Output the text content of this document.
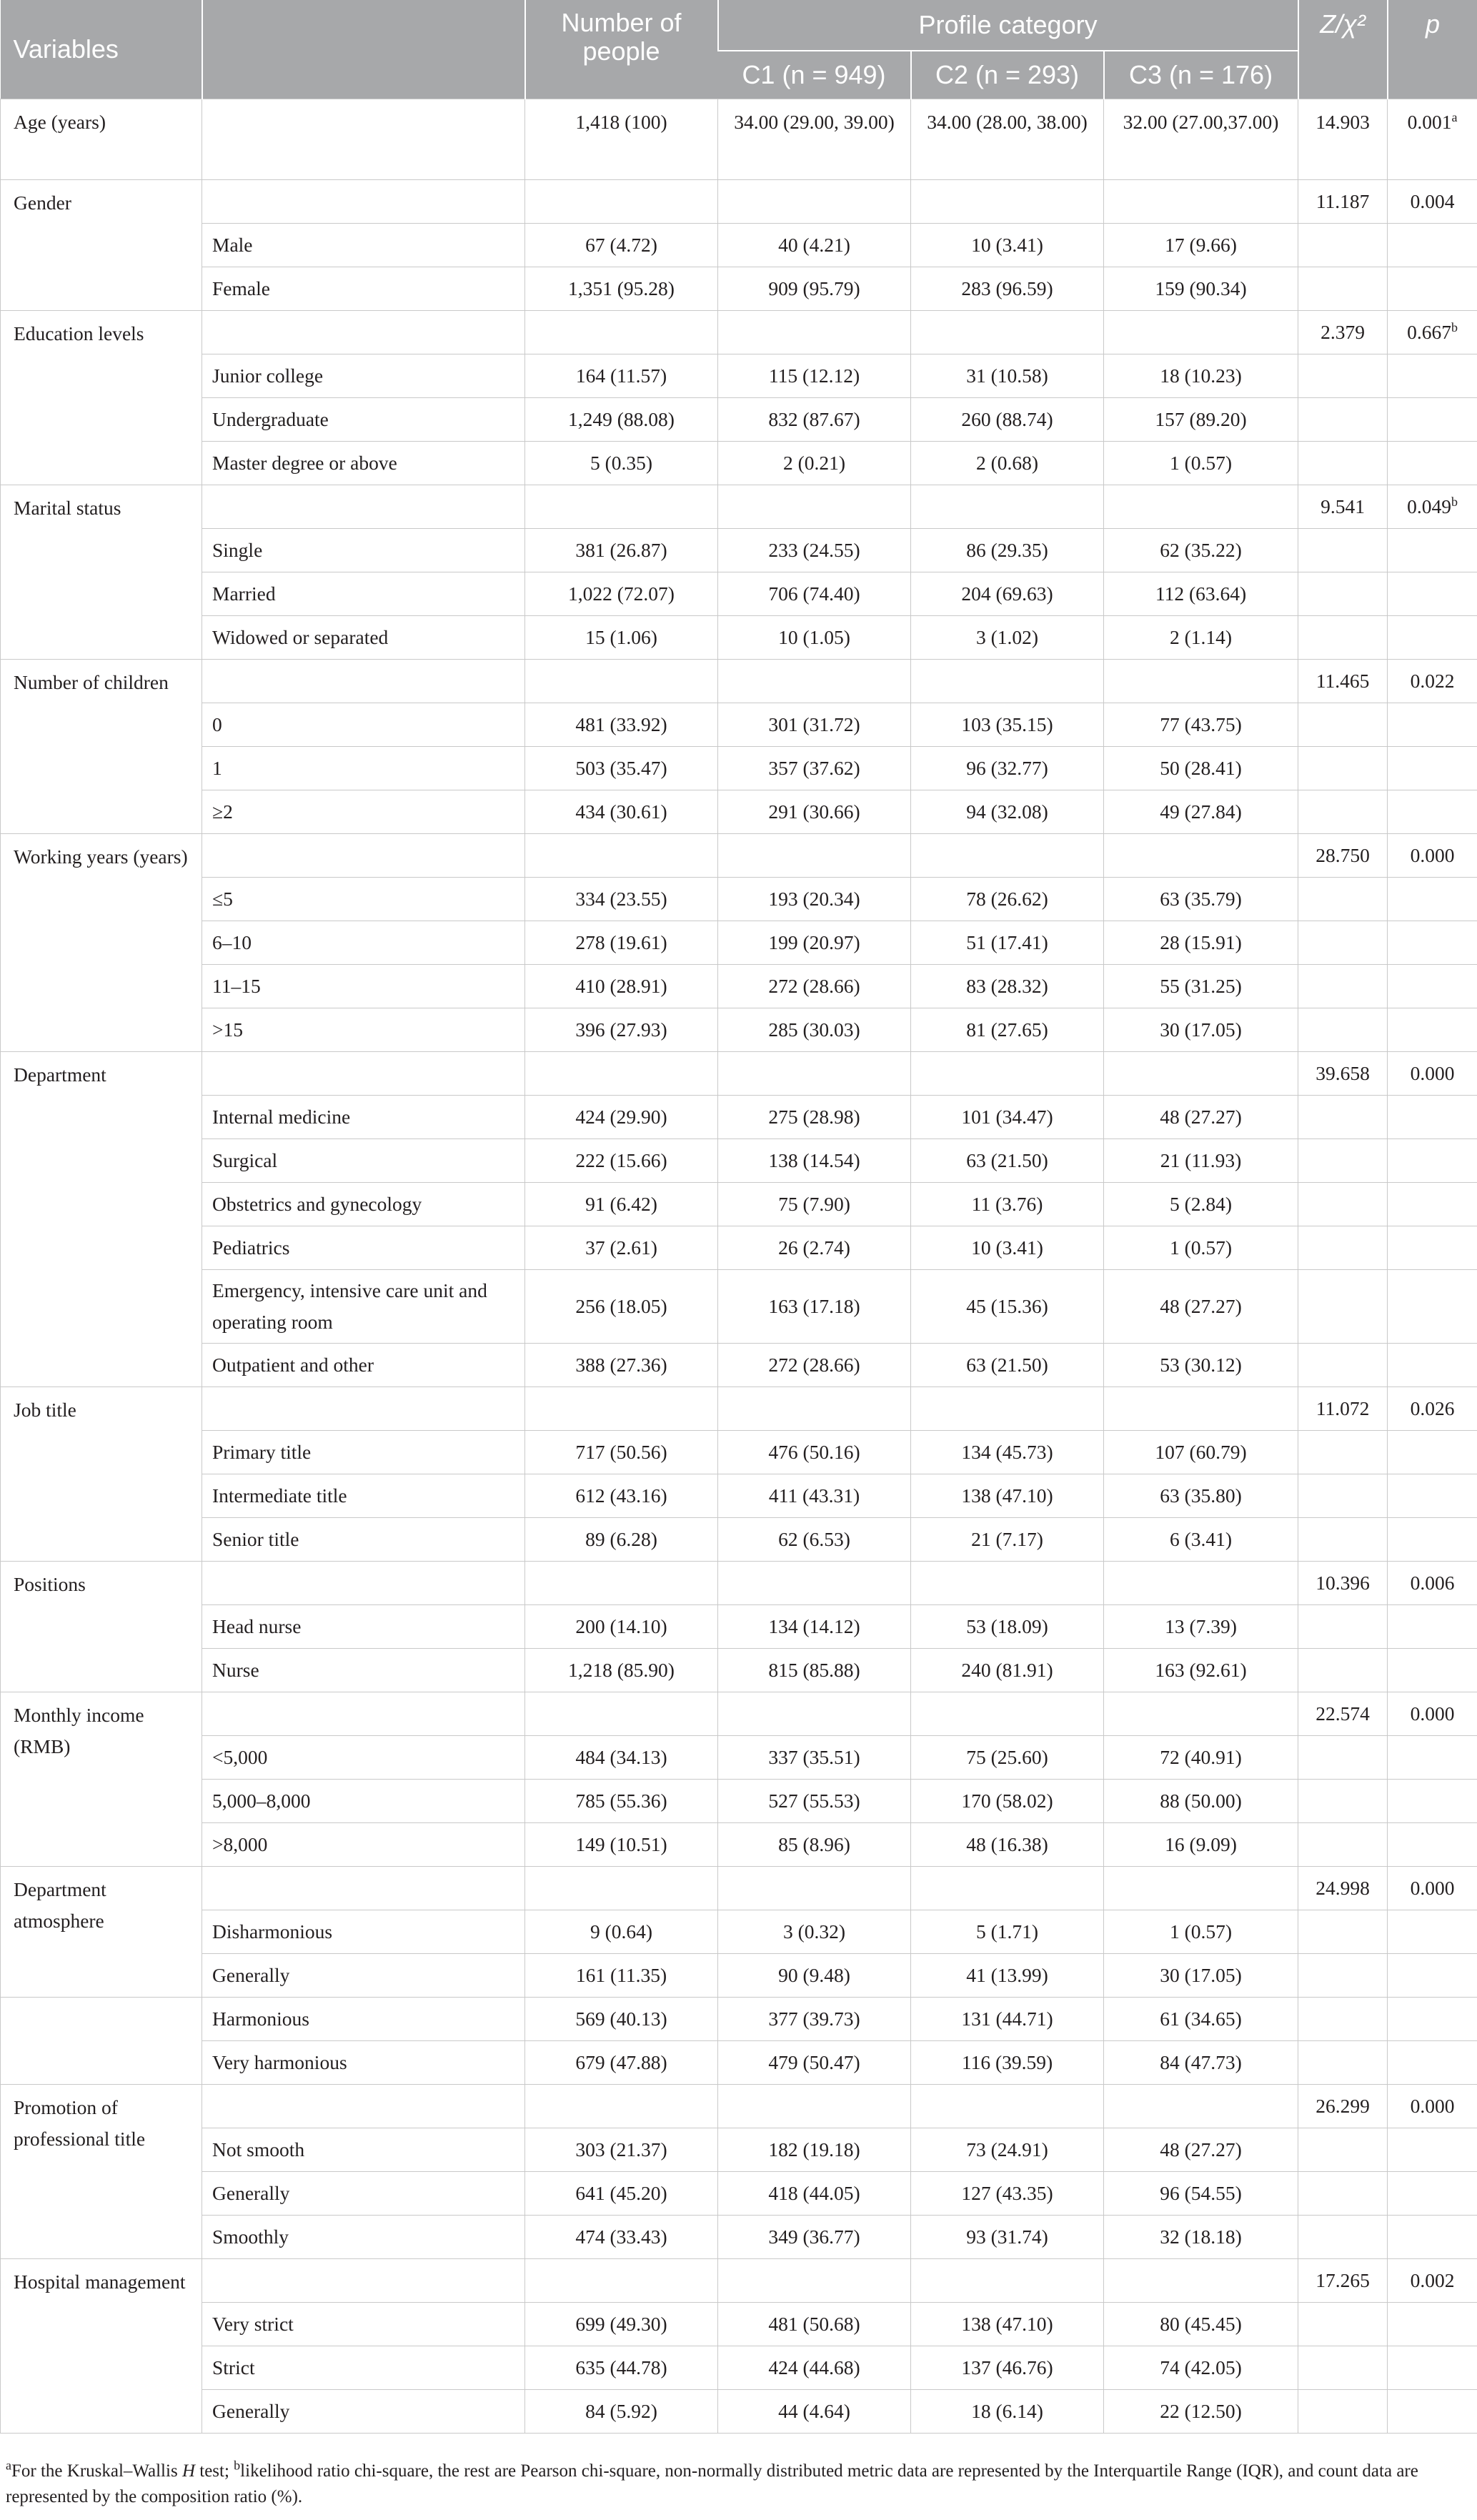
Variables		Number of people	Profile category			Z/χ²	p
			C1 (n = 949)	C2 (n = 293)	C3 (n = 176)		
Age (years)		1,418 (100)	34.00 (29.00, 39.00)	34.00 (28.00, 38.00)	32.00 (27.00,37.00)	14.903	0.001$^a$
Gender						11.187	0.004
	Male	67 (4.72)	40 (4.21)	10 (3.41)	17 (9.66)		
	Female	1,351 (95.28)	909 (95.79)	283 (96.59)	159 (90.34)		
Education levels						2.379	0.667$^b$
	Junior college	164 (11.57)	115 (12.12)	31 (10.58)	18 (10.23)		
	Undergraduate	1,249 (88.08)	832 (87.67)	260 (88.74)	157 (89.20)		
	Master degree or above	5 (0.35)	2 (0.21)	2 (0.68)	1 (0.57)		
Marital status						9.541	0.049$^b$
	Single	381 (26.87)	233 (24.55)	86 (29.35)	62 (35.22)		
	Married	1,022 (72.07)	706 (74.40)	204 (69.63)	112 (63.64)		
	Widowed or separated	15 (1.06)	10 (1.05)	3 (1.02)	2 (1.14)		
Number of children						11.465	0.022
	0	481 (33.92)	301 (31.72)	103 (35.15)	77 (43.75)		
	1	503 (35.47)	357 (37.62)	96 (32.77)	50 (28.41)		
	≥2	434 (30.61)	291 (30.66)	94 (32.08)	49 (27.84)		
Working years (years)						28.750	0.000
	≤5	334 (23.55)	193 (20.34)	78 (26.62)	63 (35.79)		
	6–10	278 (19.61)	199 (20.97)	51 (17.41)	28 (15.91)		
	11–15	410 (28.91)	272 (28.66)	83 (28.32)	55 (31.25)		
	>15	396 (27.93)	285 (30.03)	81 (27.65)	30 (17.05)		
Department						39.658	0.000
	Internal medicine	424 (29.90)	275 (28.98)	101 (34.47)	48 (27.27)		
	Surgical	222 (15.66)	138 (14.54)	63 (21.50)	21 (11.93)		
	Obstetrics and gynecology	91 (6.42)	75 (7.90)	11 (3.76)	5 (2.84)		
	Pediatrics	37 (2.61)	26 (2.74)	10 (3.41)	1 (0.57)		
	Emergency, intensive care unit and operating room	256 (18.05)	163 (17.18)	45 (15.36)	48 (27.27)		
	Outpatient and other	388 (27.36)	272 (28.66)	63 (21.50)	53 (30.12)		
Job title						11.072	0.026
	Primary title	717 (50.56)	476 (50.16)	134 (45.73)	107 (60.79)		
	Intermediate title	612 (43.16)	411 (43.31)	138 (47.10)	63 (35.80)		
	Senior title	89 (6.28)	62 (6.53)	21 (7.17)	6 (3.41)		
Positions						10.396	0.006
	Head nurse	200 (14.10)	134 (14.12)	53 (18.09)	13 (7.39)		
	Nurse	1,218 (85.90)	815 (85.88)	240 (81.91)	163 (92.61)		
Monthly income (RMB)						22.574	0.000
	<5,000	484 (34.13)	337 (35.51)	75 (25.60)	72 (40.91)		
	5,000–8,000	785 (55.36)	527 (55.53)	170 (58.02)	88 (50.00)		
	>8,000	149 (10.51)	85 (8.96)	48 (16.38)	16 (9.09)		
Department atmosphere						24.998	0.000
	Disharmonious	9 (0.64)	3 (0.32)	5 (1.71)	1 (0.57)		
	Generally	161 (11.35)	90 (9.48)	41 (13.99)	30 (17.05)		
	Harmonious	569 (40.13)	377 (39.73)	131 (44.71)	61 (34.65)		
	Very harmonious	679 (47.88)	479 (50.47)	116 (39.59)	84 (47.73)		
Promotion of professional title						26.299	0.000
	Not smooth	303 (21.37)	182 (19.18)	73 (24.91)	48 (27.27)		
	Generally	641 (45.20)	418 (44.05)	127 (43.35)	96 (54.55)		
	Smoothly	474 (33.43)	349 (36.77)	93 (31.74)	32 (18.18)		
Hospital management						17.265	0.002
	Very strict	699 (49.30)	481 (50.68)	138 (47.10)	80 (45.45)		
	Strict	635 (44.78)	424 (44.68)	137 (46.76)	74 (42.05)		
	Generally	84 (5.92)	44 (4.64)	18 (6.14)	22 (12.50)		
$^a$For the Kruskal–Wallis H test; $^b$likelihood ratio chi-square, the rest are Pearson chi-square, non-normally distributed metric data are represented by the Interquartile Range (IQR), and count data are represented by the composition ratio (%).
